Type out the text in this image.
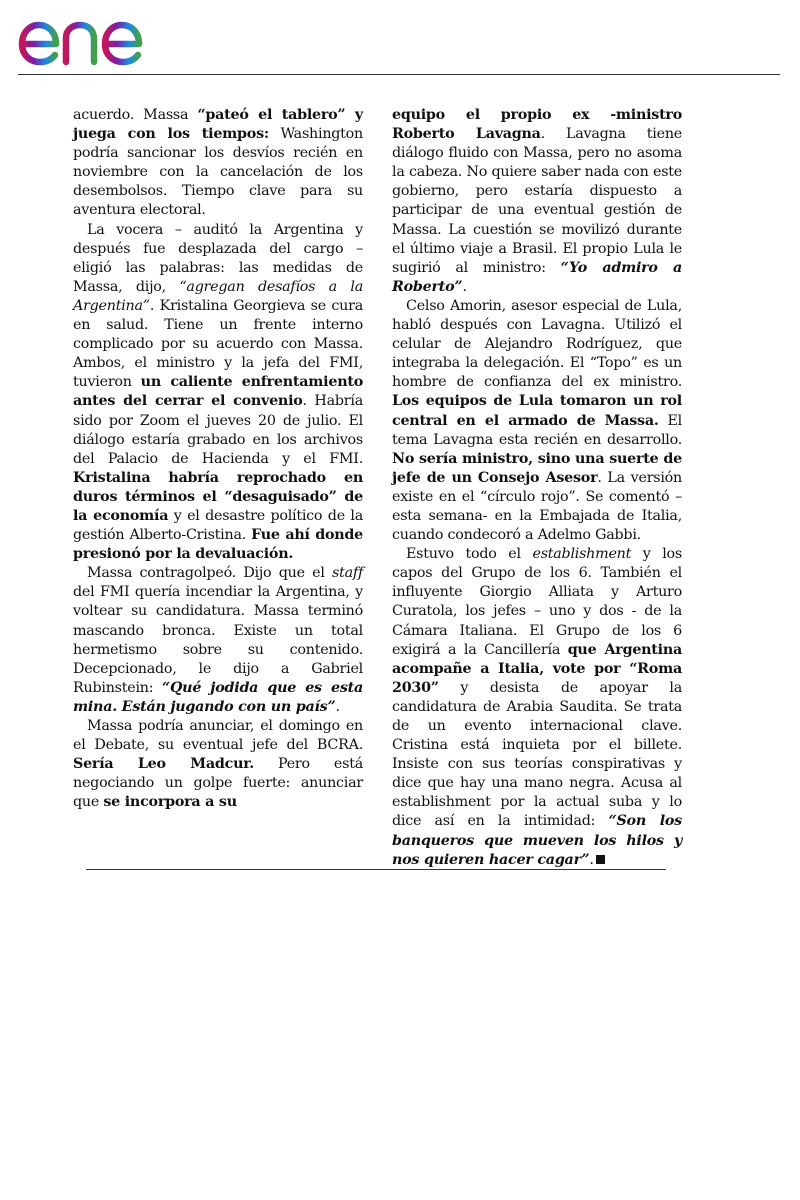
acuerdo. Massa “pateó el tablero” y juega con los tiempos: Washington podría sancionar los desvíos recién en noviembre con la cancelación de los desembolsos. Tiempo clave para su aventura electoral.

La vocera – auditó la Argentina y después fue desplazada del cargo – eligió las palabras: las medidas de Massa, dijo, “agregan desafíos a la Argentina”. Kristalina Georgieva se cura en salud. Tiene un frente interno complicado por su acuerdo con Massa. Ambos, el ministro y la jefa del FMI, tuvieron un caliente enfrentamiento antes del cerrar el convenio. Habría sido por Zoom el jueves 20 de julio. El diálogo estaría grabado en los archivos del Palacio de Hacienda y el FMI. Kristalina habría reprochado en duros términos el “desaguisado” de la economía y el desastre político de la gestión Alberto-Cristina. Fue ahí donde presionó por la devaluación.

Massa contragolpeó. Dijo que el staff del FMI quería incendiar la Argentina, y voltear su candidatura. Massa terminó mascando bronca. Existe un total hermetismo sobre su contenido. Decepcionado, le dijo a Gabriel Rubinstein: “Qué jodida que es esta mina. Están jugando con un país”.

Massa podría anunciar, el domingo en el Debate, su eventual jefe del BCRA. Sería Leo Madcur. Pero está negociando un golpe fuerte: anunciar que se incorpora a su

equipo el propio ex -ministro Roberto Lavagna. Lavagna tiene diálogo fluido con Massa, pero no asoma la cabeza. No quiere saber nada con este gobierno, pero estaría dispuesto a participar de una eventual gestión de Massa. La cuestión se movilizó durante el último viaje a Brasil. El propio Lula le sugirió al ministro: “Yo admiro a Roberto”.

Celso Amorin, asesor especial de Lula, habló después con Lavagna. Utilizó el celular de Alejandro Rodríguez, que integraba la delegación. El “Topo” es un hombre de confianza del ex ministro. Los equipos de Lula tomaron un rol central en el armado de Massa. El tema Lavagna esta recién en desarrollo. No sería ministro, sino una suerte de jefe de un Consejo Asesor. La versión existe en el “círculo rojo”. Se comentó – esta semana- en la Embajada de Italia, cuando condecoró a Adelmo Gabbi.

Estuvo todo el establishment y los capos del Grupo de los 6. También el influyente Giorgio Alliata y Arturo Curatola, los jefes – uno y dos - de la Cámara Italiana. El Grupo de los 6 exigirá a la Cancillería que Argentina acompañe a Italia, vote por “Roma 2030” y desista de apoyar la candidatura de Arabia Saudita. Se trata de un evento internacional clave. Cristina está inquieta por el billete. Insiste con sus teorías conspirativas y dice que hay una mano negra. Acusa al establishment por la actual suba y lo dice así en la intimidad: “Son los banqueros que mueven los hilos y nos quieren hacer cagar”.
